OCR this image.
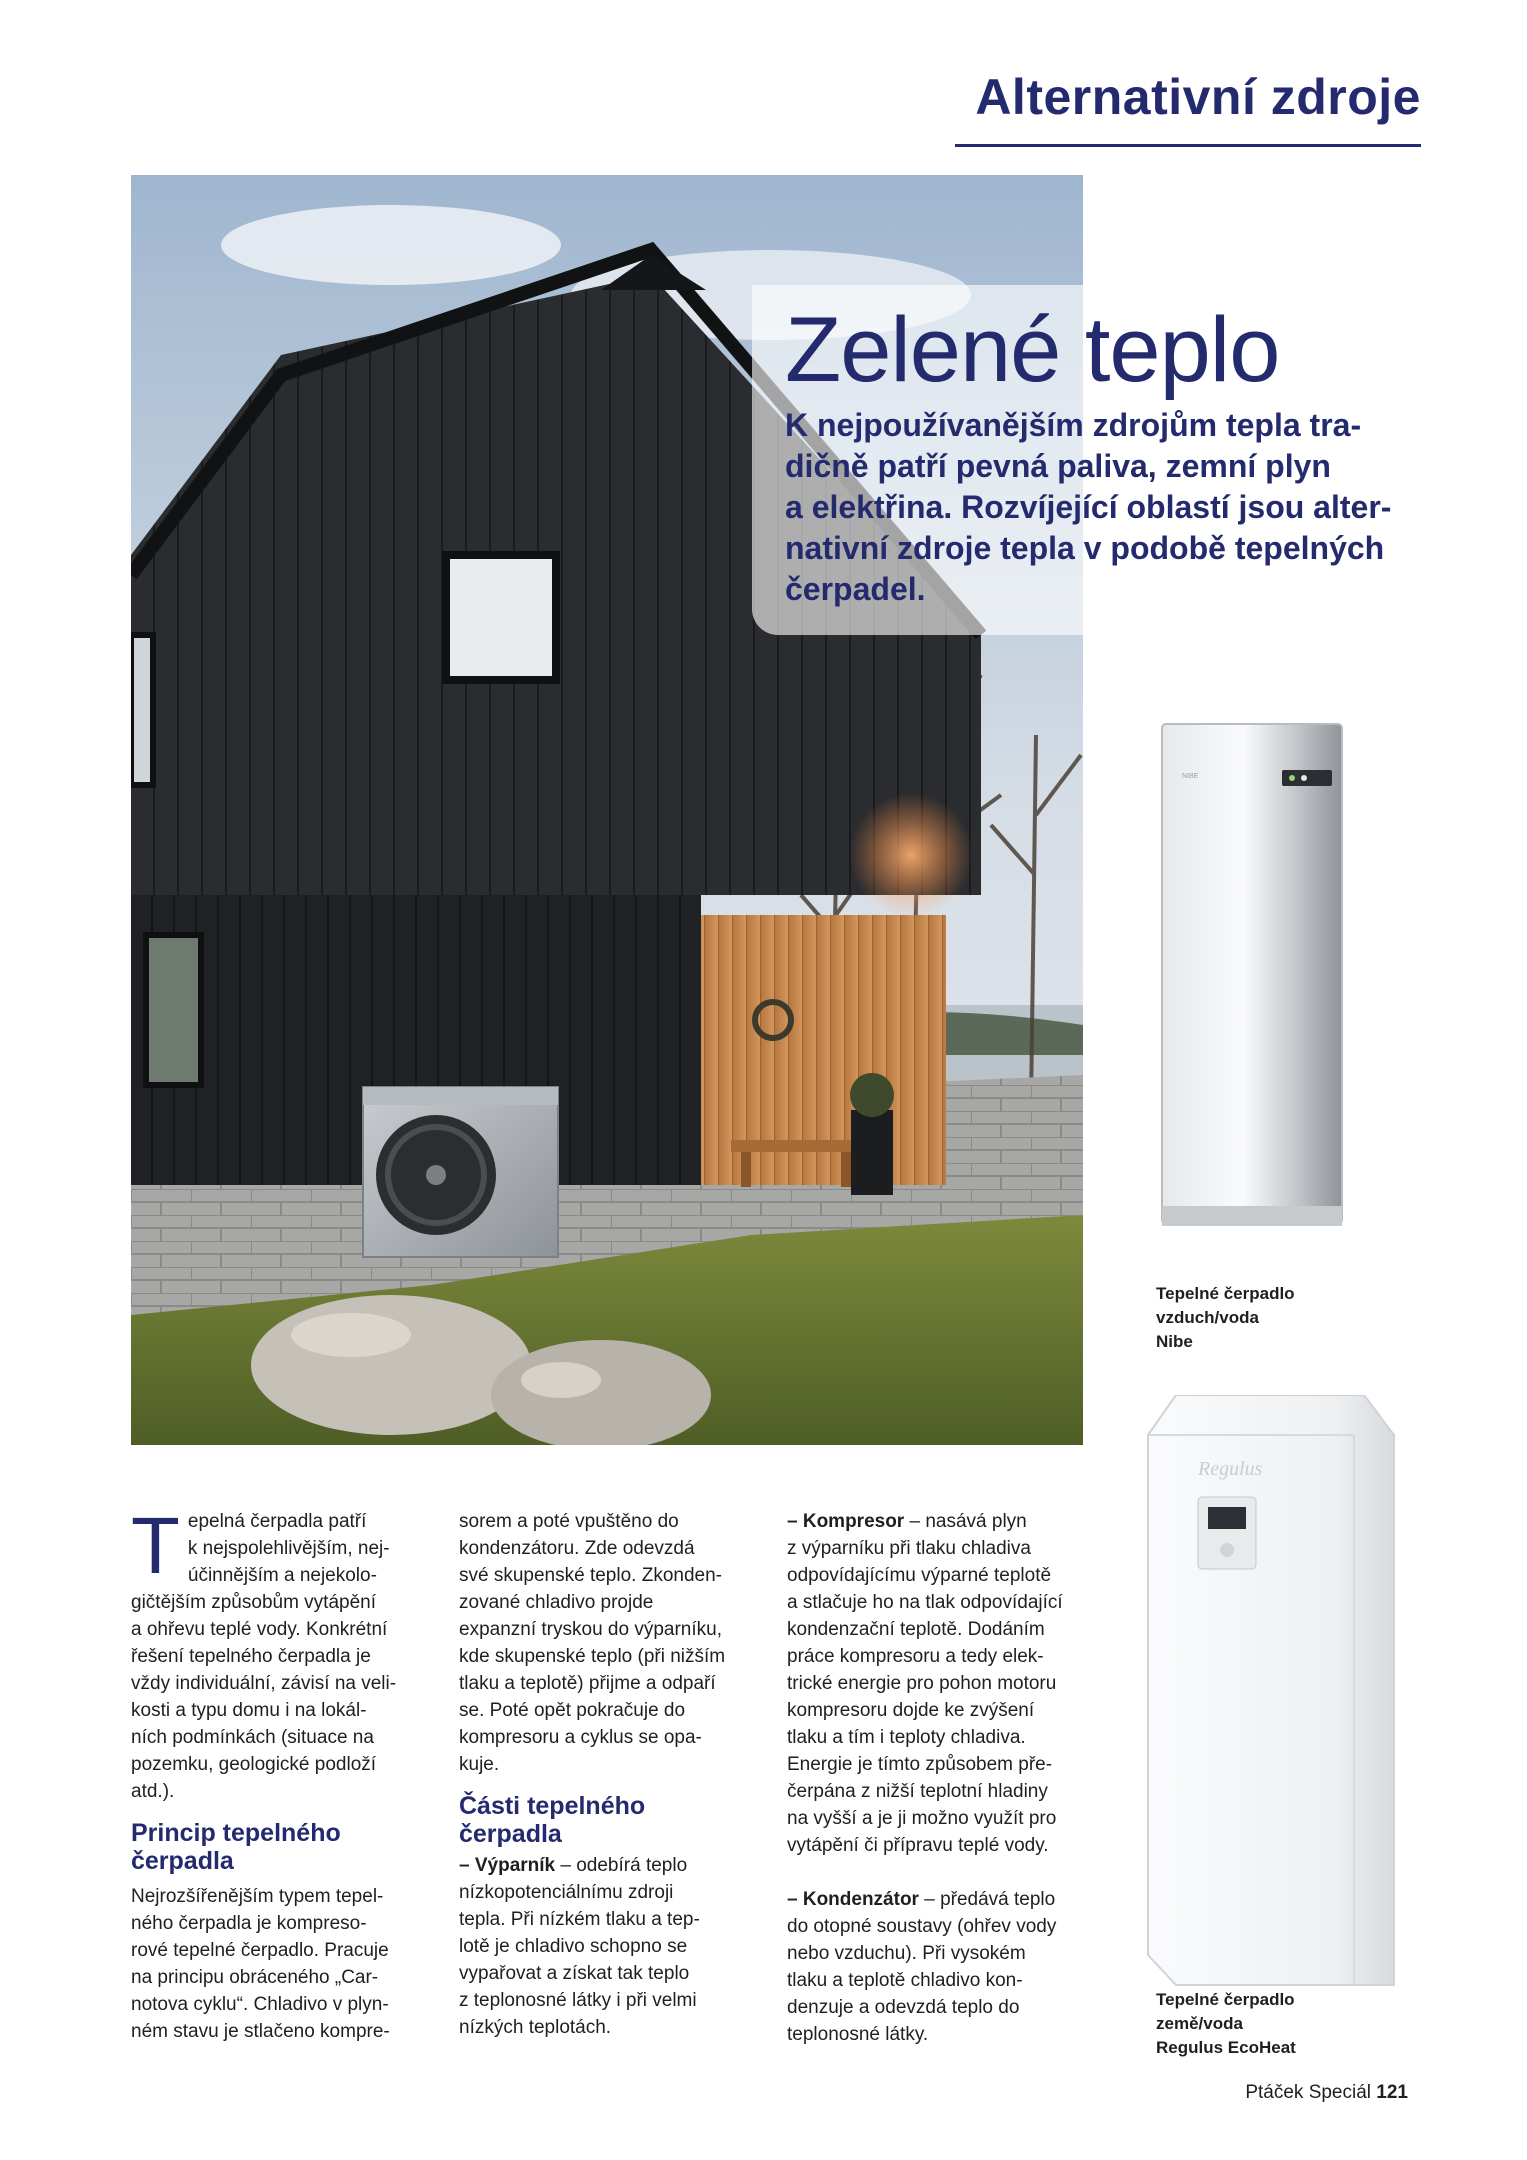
Alternativní zdroje
Zelené teplo
K nejpoužívanějším zdrojům tepla tra-
dičně patří pevná paliva, zemní plyn
a elektřina. Rozvíjející oblastí jsou alter-
nativní zdroje tepla v podobě tepelných
čerpadel.
NIBE
Tepelné čerpadlo
vzduch/voda
Nibe
Regulus
Tepelné čerpadlo
země/voda
Regulus EcoHeat
T epelná čerpadla patří
k nejspolehlivějším, nej-
účinnějším a nejekolo-
gičtějším způsobům vytápění
a ohřevu teplé vody. Konkrétní
řešení tepelného čerpadla je
vždy individuální, závisí na veli-
kosti a typu domu i na lokál-
ních podmínkách (situace na
pozemku, geologické podloží
atd.).
Princip tepelného
čerpadla
Nejrozšířenějším typem tepel-
ného čerpadla je kompreso-
rové tepelné čerpadlo. Pracuje
na principu obráceného „Car-
notova cyklu“. Chladivo v plyn-
ném stavu je stlačeno kompre-
sorem a poté vpuštěno do
kondenzátoru. Zde odevzdá
své skupenské teplo. Zkonden-
zované chladivo projde
expanzní tryskou do výparníku,
kde skupenské teplo (při nižším
tlaku a teplotě) přijme a odpaří
se. Poté opět pokračuje do
kompresoru a cyklus se opa-
kuje.
Části tepelného
čerpadla
– Výparník – odebírá teplo
nízkopotenciálnímu zdroji
tepla. Při nízkém tlaku a tep-
lotě je chladivo schopno se
vypařovat a získat tak teplo
z teplonosné látky i při velmi
nízkých teplotách.
– Kompresor – nasává plyn
z výparníku při tlaku chladiva
odpovídajícímu výparné teplotě
a stlačuje ho na tlak odpovídající
kondenzační teplotě. Dodáním
práce kompresoru a tedy elek-
trické energie pro pohon motoru
kompresoru dojde ke zvýšení
tlaku a tím i teploty chladiva.
Energie je tímto způsobem pře-
čerpána z nižší teplotní hladiny
na vyšší a je ji možno využít pro
vytápění či přípravu teplé vody.
– Kondenzátor – předává teplo
do otopné soustavy (ohřev vody
nebo vzduchu). Při vysokém
tlaku a teplotě chladivo kon-
denzuje a odevzdá teplo do
teplonosné látky.
Ptáček Speciál 121
